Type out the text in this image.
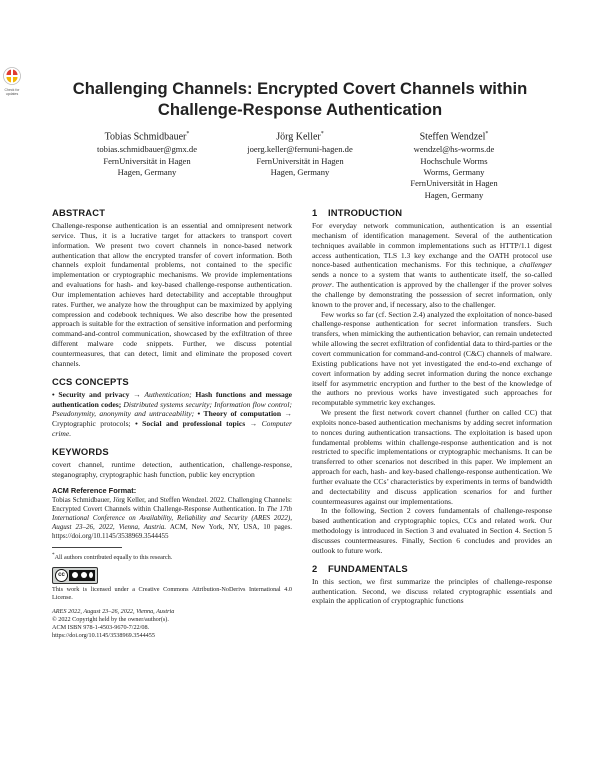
Check for updates	Challenging Channels: Encrypted Covert Channels within
Challenge-Response Authentication
Tobias Schmidbauer*
tobias.schmidbauer@gmx.de
FernUniversität in Hagen
Hagen, Germany
Jörg Keller*
joerg.keller@fernuni-hagen.de
FernUniversität in Hagen
Hagen, Germany
Steffen Wendzel*
wendzel@hs-worms.de
Hochschule Worms
Worms, Germany
FernUniversität in Hagen
Hagen, Germany
ABSTRACT

Challenge-response authentication is an essential and omnipresent network service. Thus, it is a lucrative target for attackers to transport covert information. We present two covert channels in nonce-based network authentication that allow the encrypted transfer of covert information. Both channels exploit fundamental problems, not contained to the specific implementation or cryptographic mechanisms. We provide implementations and evaluations for hash- and key-based challenge-response authentication. Our implementation achieves hard detectability and acceptable throughput rates. Further, we analyze how the throughput can be maximized by applying compression and codebook techniques. We also describe how the presented approach is suitable for the extraction of sensitive information and performing command-and-control communication, showcased by the exfiltration of three different malware code snippets. Further, we discuss potential countermeasures, that can detect, limit and eliminate the proposed covert channels.

CCS CONCEPTS

• Security and privacy → Authentication; Hash functions and message authentication codes; Distributed systems security; Information flow control; Pseudonymity, anonymity and untraceability; • Theory of computation → Cryptographic protocols; • Social and professional topics → Computer crime.

KEYWORDS

covert channel, runtime detection, authentication, challenge-response, steganography, cryptographic hash function, public key encryption

ACM Reference Format:

Tobias Schmidbauer, Jörg Keller, and Steffen Wendzel. 2022. Challenging Channels: Encrypted Covert Channels within Challenge-Response Authentication. In The 17th International Conference on Availability, Reliability and Security (ARES 2022), August 23–26, 2022, Vienna, Austria. ACM, New York, NY, USA, 10 pages. https://doi.org/10.1145/3538969.3544455

*All authors contributed equally to this research.

cc

This work is licensed under a Creative Commons Attribution-NoDerivs International 4.0 License.

ARES 2022, August 23–26, 2022, Vienna, Austria
© 2022 Copyright held by the owner/author(s).
ACM ISBN 978-1-4503-9670-7/22/08.
https://doi.org/10.1145/3538969.3544455

1 INTRODUCTION

For everyday network communication, authentication is an essential mechanism of identification management. Several of the authentication techniques available in common implementations such as HTTP/1.1 digest access authentication, TLS 1.3 key exchange and the OATH protocol use nonce-based authentication mechanisms. For this technique, a challenger sends a nonce to a system that wants to authenticate itself, the so-called prover. The authentication is approved by the challenger if the prover solves the challenge by demonstrating the possession of secret information, only known to the prover and, if necessary, also to the challenger.

Few works so far (cf. Section 2.4) analyzed the exploitation of nonce-based challenge-response authentication for secret information transfers. Such transfers, when mimicking the authentication behavior, can remain undetected while allowing the secret exfiltration of confidential data to third-parties or the covert communication for command-and-control (C&C) channels of malware. Existing publications have not yet investigated the end-to-end exchange of covert information by adding secret information during the nonce exchange itself for asymmetric encryption and further to the best of the knowledge of the authors no previous works have investigated such approaches for recomputable symmetric key exchanges.

We present the first network covert channel (further on called CC) that exploits nonce-based authentication mechanisms by adding secret information to nonces during authentication transactions. The exploitation is based upon fundamental problems within challenge-response authentication and is not restricted to specific implementations or cryptographic mechanisms. It can be transferred to other scenarios not described in this paper. We implement an approach for each, hash- and key-based challenge-response authentication. We further evaluate the CCs’ characteristics by experiments in terms of bandwidth and dectectability and discuss application scenarios for and further countermeasures against our implementations.

In the following, Section 2 covers fundamentals of challenge-response based authentication and cryptographic topics, CCs and related work. Our methodology is introduced in Section 3 and evaluated in Section 4. Section 5 discusses countermeasures. Finally, Section 6 concludes and provides an outlook to future work.

2 FUNDAMENTALS

In this section, we first summarize the principles of challenge-response authentication. Second, we discuss related cryptographic essentials and explain the application of cryptographic functions
